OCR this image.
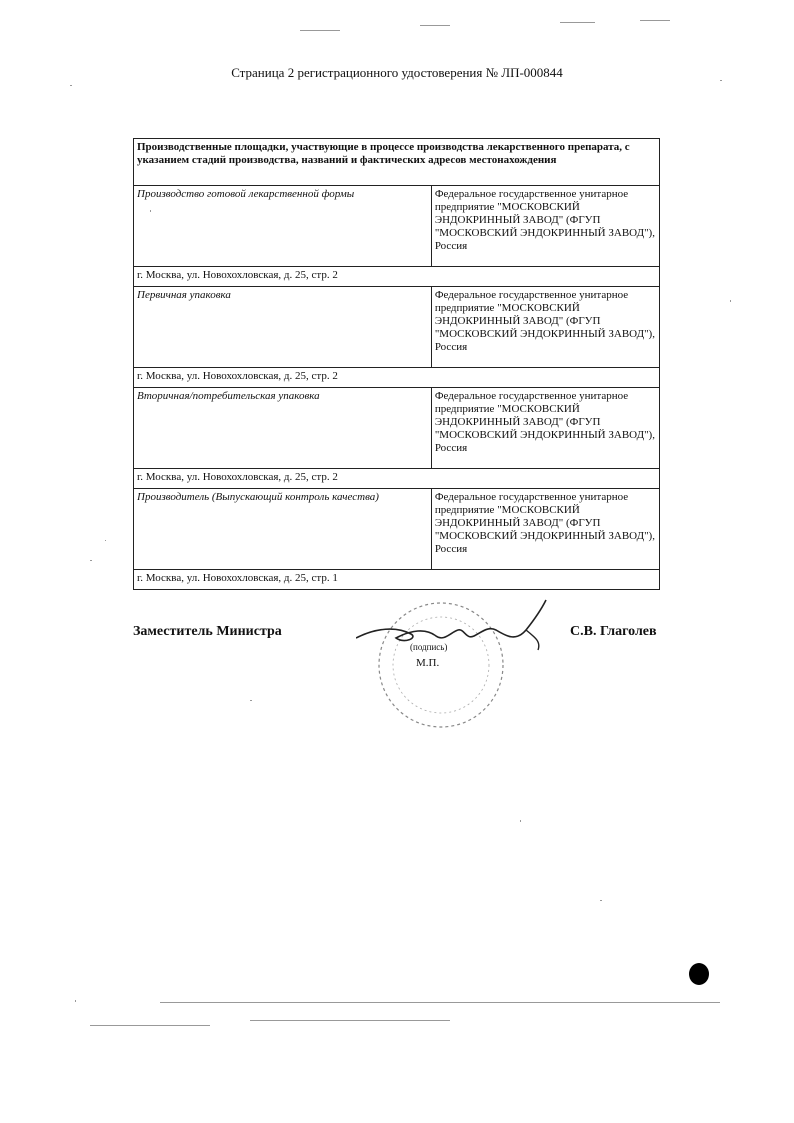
Страница 2 регистрационного удостоверения № ЛП-000844
Производственные площадки, участвующие в процессе производства лекарственного препарата, с указанием стадий производства, названий и фактических адресов местонахождения	
Производство готовой лекарственной формы	Федеральное государственное унитарное предприятие "МОСКОВСКИЙ ЭНДОКРИННЫЙ ЗАВОД" (ФГУП "МОСКОВСКИЙ ЭНДОКРИННЫЙ ЗАВОД"), Россия
г. Москва, ул. Новохохловская, д. 25, стр. 2	
Первичная упаковка	Федеральное государственное унитарное предприятие "МОСКОВСКИЙ ЭНДОКРИННЫЙ ЗАВОД" (ФГУП "МОСКОВСКИЙ ЭНДОКРИННЫЙ ЗАВОД"), Россия
г. Москва, ул. Новохохловская, д. 25, стр. 2	
Вторичная/потребительская упаковка	Федеральное государственное унитарное предприятие "МОСКОВСКИЙ ЭНДОКРИННЫЙ ЗАВОД" (ФГУП "МОСКОВСКИЙ ЭНДОКРИННЫЙ ЗАВОД"), Россия
г. Москва, ул. Новохохловская, д. 25, стр. 2	
Производитель (Выпускающий контроль качества)	Федеральное государственное унитарное предприятие "МОСКОВСКИЙ ЭНДОКРИННЫЙ ЗАВОД" (ФГУП "МОСКОВСКИЙ ЭНДОКРИННЫЙ ЗАВОД"), Россия
г. Москва, ул. Новохохловская, д. 25, стр. 1	
Заместитель Министра
(подпись)
М.П.
С.В. Глаголев
